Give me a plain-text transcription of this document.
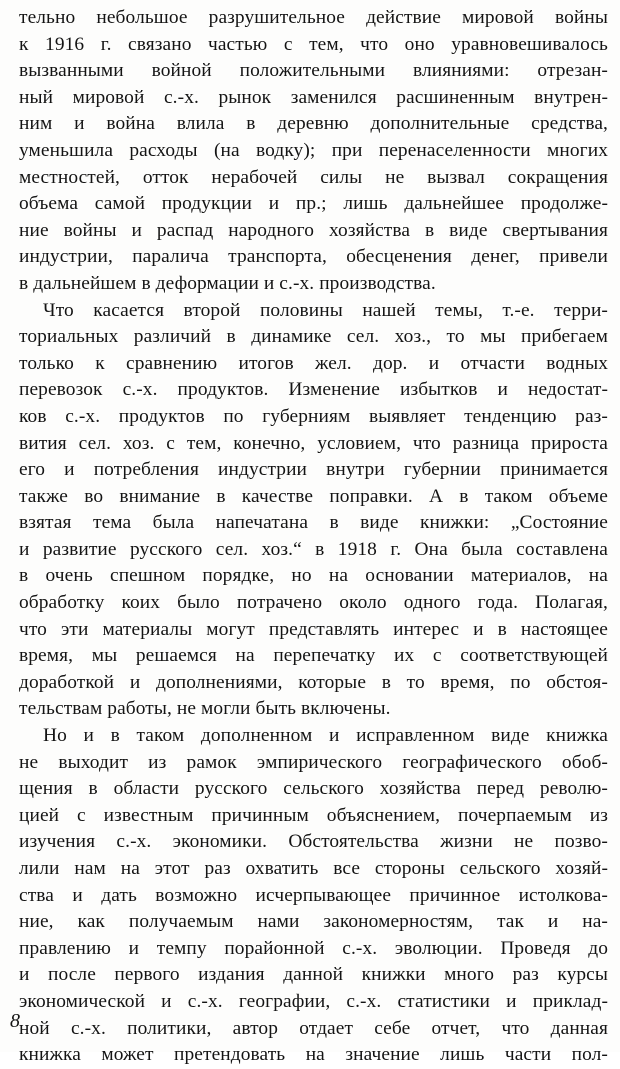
тельно небольшое разрушительное действие мировой войны
к 1916 г. связано частью с тем, что оно уравновешивалось
вызванными войной положительными влияниями: отрезан-
ный мировой с.-х. рынок заменился расшиненным внутрен-
ним и война влила в деревню дополнительные средства,
уменьшила расходы (на водку); при перенаселенности многих
местностей, отток нерабочей силы не вызвал сокращения
объема самой продукции и пр.; лишь дальнейшее продолже-
ние войны и распад народного хозяйства в виде свертывания
индустрии, паралича транспорта, обесценения денег, привели
в дальнейшем в деформации и с.-х. производства.
Что касается второй половины нашей темы, т.-е. терри-
ториальных различий в динамике сел. хоз., то мы прибегаем
только к сравнению итогов жел. дор. и отчасти водных
перевозок с.-х. продуктов. Изменение избытков и недостат-
ков с.-х. продуктов по губерниям выявляет тенденцию раз-
вития сел. хоз. с тем, конечно, условием, что разница прироста
его и потребления индустрии внутри губернии принимается
также во внимание в качестве поправки. А в таком объеме
взятая тема была напечатана в виде книжки: „Состояние
и развитие русского сел. хоз.“ в 1918 г. Она была составлена
в очень спешном порядке, но на основании материалов, на
обработку коих было потрачено около одного года. Полагая,
что эти материалы могут представлять интерес и в настоящее
время, мы решаемся на перепечатку их с соответствующей
доработкой и дополнениями, которые в то время, по обстоя-
тельствам работы, не могли быть включены.
Но и в таком дополненном и исправленном виде книжка
не выходит из рамок эмпирического географического обоб-
щения в области русского сельского хозяйства перед револю-
цией с известным причинным объяснением, почерпаемым из
изучения с.-х. экономики. Обстоятельства жизни не позво-
лили нам на этот раз охватить все стороны сельского хозяй-
ства и дать возможно исчерпывающее причинное истолкова-
ние, как получаемым нами закономерностям, так и на-
правлению и темпу порайонной с.-х. эволюции. Проведя до
и после первого издания данной книжки много раз курсы
экономической и с.-х. географии, с.-х. статистики и приклад-
ной с.-х. политики, автор отдает себе отчет, что данная
книжка может претендовать на значение лишь части пол-
8
